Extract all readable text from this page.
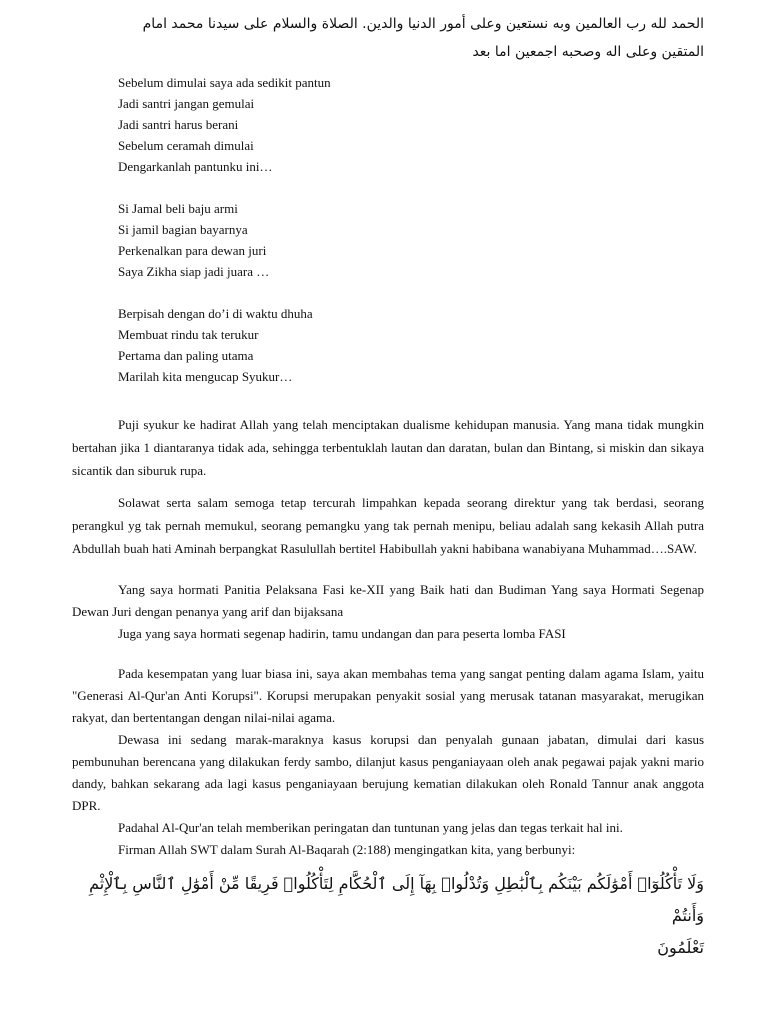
الحمد لله رب العالمين وبه نستعين وعلى أمور الدنيا والدين. الصلاة والسلام على سيدنا محمد امام

المتقين وعلى اله وصحبه اجمعين اما بعد

Sebelum dimulai saya ada sedikit pantun
Jadi santri jangan gemulai
Jadi santri harus berani
Sebelum ceramah dimulai
Dengarkanlah pantunku ini…
Si Jamal beli baju armi
Si jamil bagian bayarnya
Perkenalkan para dewan juri
Saya Zikha siap jadi juara …
Berpisah dengan do’i di waktu dhuha
Membuat rindu tak terukur
Pertama dan paling utama
Marilah kita mengucap Syukur…

Puji syukur ke hadirat Allah yang telah menciptakan dualisme kehidupan manusia. Yang mana tidak mungkin bertahan jika 1 diantaranya tidak ada, sehingga terbentuklah lautan dan daratan, bulan dan Bintang, si miskin dan sikaya sicantik dan siburuk rupa.

Solawat serta salam semoga tetap tercurah limpahkan kepada seorang direktur yang tak berdasi, seorang perangkul yg tak pernah memukul, seorang pemangku yang tak pernah menipu, beliau adalah sang kekasih Allah putra Abdullah buah hati Aminah berpangkat Rasulullah bertitel Habibullah yakni habibana wanabiyana Muhammad….SAW.

Yang saya hormati Panitia Pelaksana Fasi ke-XII yang Baik hati dan Budiman Yang saya Hormati Segenap Dewan Juri dengan penanya yang arif dan bijaksana

Juga yang saya hormati segenap hadirin, tamu undangan dan para peserta lomba FASI

Pada kesempatan yang luar biasa ini, saya akan membahas tema yang sangat penting dalam agama Islam, yaitu "Generasi Al-Qur'an Anti Korupsi". Korupsi merupakan penyakit sosial yang merusak tatanan masyarakat, merugikan rakyat, dan bertentangan dengan nilai-nilai agama.

Dewasa ini sedang marak-maraknya kasus korupsi dan penyalah gunaan jabatan, dimulai dari kasus pembunuhan berencana yang dilakukan ferdy sambo, dilanjut kasus penganiayaan oleh anak pegawai pajak yakni mario dandy, bahkan sekarang ada lagi kasus penganiayaan berujung kematian dilakukan oleh Ronald Tannur anak anggota DPR.

Padahal Al-Qur'an telah memberikan peringatan dan tuntunan yang jelas dan tegas terkait hal ini.

Firman Allah SWT dalam Surah Al-Baqarah (2:188) mengingatkan kita, yang berbunyi:

وَلَا تَأْكُلُوٓا۟ أَمْوَٰلَكُم بَيْنَكُم بِٱلْبَٰطِلِ وَتُدْلُوا۟ بِهَآ إِلَى ٱلْحُكَّامِ لِتَأْكُلُوا۟ فَرِيقًا مِّنْ أَمْوَٰلِ ٱلنَّاسِ بِٱلْإِثْمِ وَأَنتُمْ

تَعْلَمُونَ
